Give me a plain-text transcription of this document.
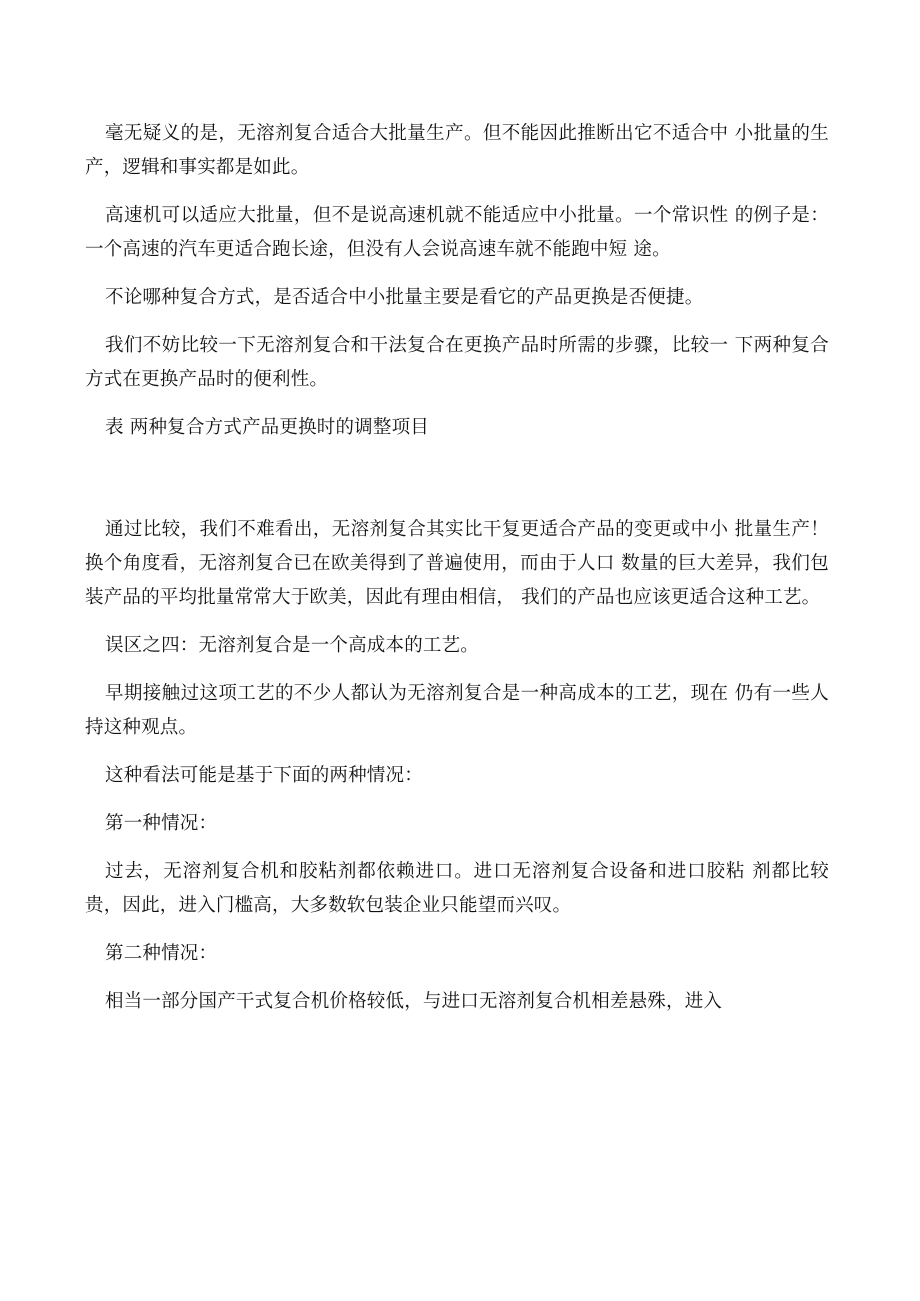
毫无疑义的是，无溶剂复合适合大批量生产。但不能因此推断出它不适合中 小批量的生产，逻辑和事实都是如此。

高速机可以适应大批量，但不是说高速机就不能适应中小批量。一个常识性 的例子是：一个高速的汽车更适合跑长途，但没有人会说高速车就不能跑中短 途。

不论哪种复合方式，是否适合中小批量主要是看它的产品更换是否便捷。

我们不妨比较一下无溶剂复合和干法复合在更换产品时所需的步骤，比较一 下两种复合方式在更换产品时的便利性。

表 两种复合方式产品更换时的调整项目

通过比较，我们不难看出，无溶剂复合其实比干复更适合产品的变更或中小 批量生产！ 换个角度看，无溶剂复合已在欧美得到了普遍使用，而由于人口 数量的巨大差异，我们包装产品的平均批量常常大于欧美，因此有理由相信， 我们的产品也应该更适合这种工艺。

误区之四：无溶剂复合是一个高成本的工艺。

早期接触过这项工艺的不少人都认为无溶剂复合是一种高成本的工艺，现在 仍有一些人持这种观点。

这种看法可能是基于下面的两种情况：

第一种情况：

过去，无溶剂复合机和胶粘剂都依赖进口。进口无溶剂复合设备和进口胶粘 剂都比较贵，因此，进入门槛高，大多数软包装企业只能望而兴叹。

第二种情况：

相当一部分国产干式复合机价格较低，与进口无溶剂复合机相差悬殊，进入
